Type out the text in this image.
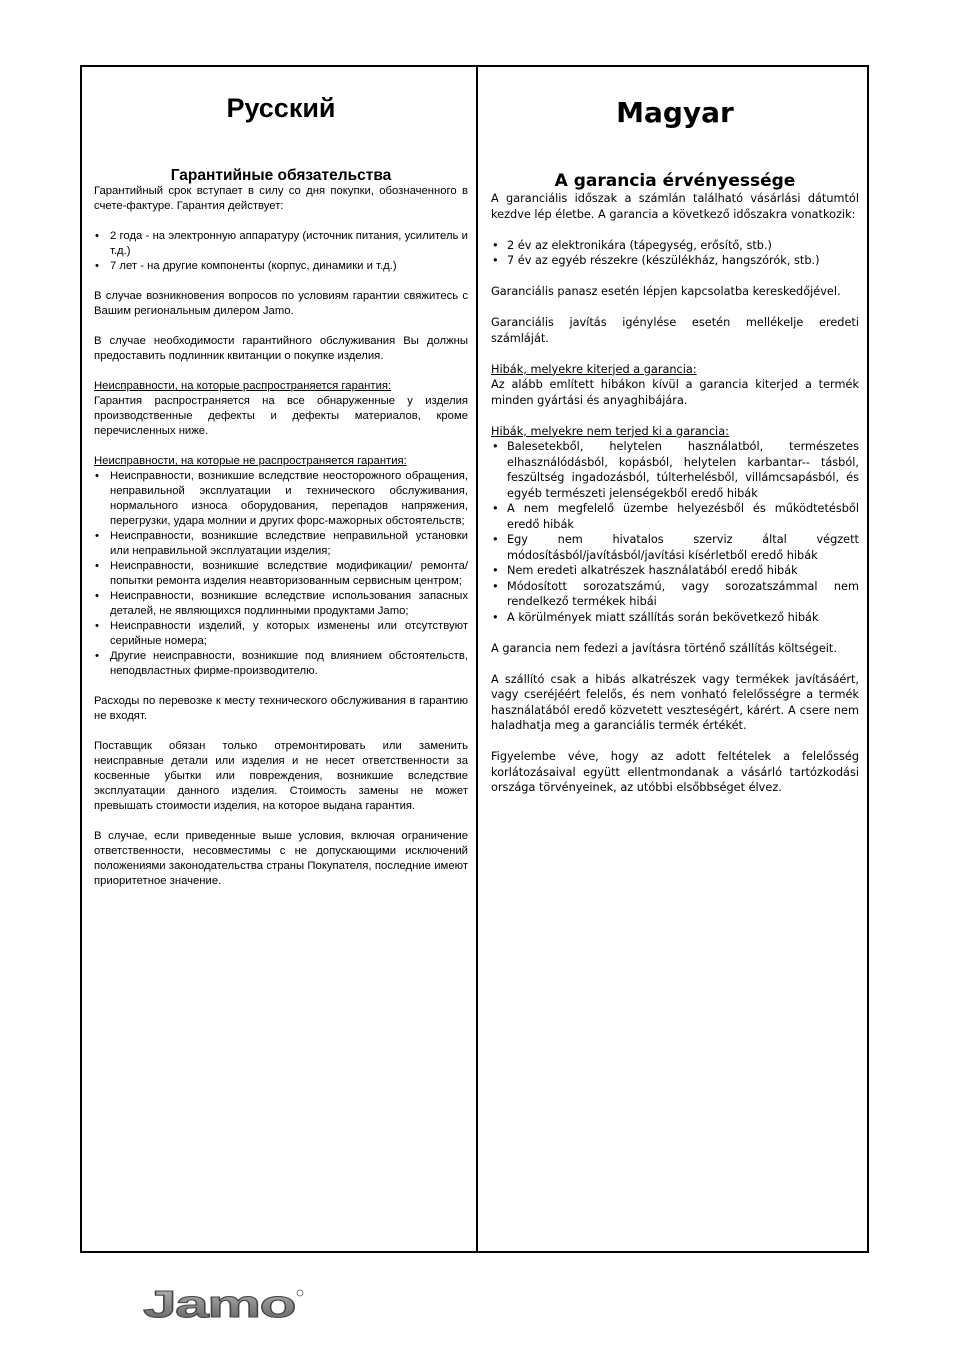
Русский
Гарантийные обязательства

Гарантийный срок вступает в силу со дня покупки, обозначенного в счете-фактуре. Гарантия действует:

• 2 года - на электронную аппаратуру (источник питания, усилитель и т.д.)
• 7 лет - на другие компоненты (корпус, динамики и т.д.)

В случае возникновения вопросов по условиям гарантии свяжитесь с Вашим региональным дилером Jamo.

В случае необходимости гарантийного обслуживания Вы должны предоставить подлинник квитанции о покупке изделия.

Неисправности, на которые распространяется гарантия:

Гарантия распространяется на все обнаруженные у изделия производственные дефекты и дефекты материалов, кроме перечисленных ниже.

Неисправности, на которые не распространяется гарантия:

• Неисправности, возникшие вследствие неосторожного обращения, неправильной эксплуатации и технического обслуживания, нормального износа оборудования, перепадов напряжения, перегрузки, удара молнии и других форс-мажорных обстоятельств;
• Неисправности, возникшие вследствие неправильной установки или неправильной эксплуатации изделия;
• Неисправности, возникшие вследствие модификации/ ремонта/попытки ремонта изделия неавторизованным сервисным центром;
• Неисправности, возникшие вследствие использования запасных деталей, не являющихся подлинными продуктами Jamo;
• Неисправности изделий, у которых изменены или отсутствуют серийные номера;
• Другие неисправности, возникшие под влиянием обстоятельств, неподвластных фирме-производителю.

Расходы по перевозке к месту технического обслуживания в гарантию не входят.

Поставщик обязан только отремонтировать или заменить неисправные детали или изделия и не несет ответственности за косвенные убытки или повреждения, возникшие вследствие эксплуатации данного изделия. Стоимость замены не может превышать стоимости изделия, на которое выдана гарантия.

В случае, если приведенные выше условия, включая ограничение ответственности, несовместимы с не допускающими исключений положениями законодательства страны Покупателя, последние имеют приоритетное значение.

Magyar
A garancia érvényessége

A garanciális időszak a számlán található vásárlási dátumtól kezdve lép életbe. A garancia a következő időszakra vonatkozik:

• 2 év az elektronikára (tápegység, erősítő, stb.)
• 7 év az egyéb részekre (készülékház, hangszórók, stb.)

Garanciális panasz esetén lépjen kapcsolatba kereskedőjével.

Garanciális javítás igénylése esetén mellékelje eredeti számláját.

Hibák, melyekre kiterjed a garancia:

Az alább említett hibákon kívül a garancia kiterjed a termék minden gyártási és anyaghibájára.

Hibák, melyekre nem terjed ki a garancia:

• Balesetekből, helytelen használatból, természetes elhasználódásból, kopásból, helytelen karbantar-- tásból, feszültség ingadozásból, túlterhelésből, villámcsapásból, és egyéb természeti jelenségekből eredő hibák
• A nem megfelelő üzembe helyezésből és működtetésből eredő hibák
• Egy nem hivatalos szerviz által végzett módosításból/javításból/javítási kísérletből eredő hibák
• Nem eredeti alkatrészek használatából eredő hibák
• Módosított sorozatszámú, vagy sorozatszámmal nem rendelkező termékek hibái
• A körülmények miatt szállítás során bekövetkező hibák

A garancia nem fedezi a javításra történő szállítás költségeit.

A szállító csak a hibás alkatrészek vagy termékek javításáért, vagy cseréjéért felelős, és nem vonható felelősségre a termék használatából eredő közvetett veszteségért, kárért. A csere nem haladhatja meg a garanciális termék értékét.

Figyelembe véve, hogy az adott feltételek a felelősség korlátozásaival együtt ellentmondanak a vásárló tartózkodási országa törvényeinek, az utóbbi elsőbbséget élvez.

Jamo
